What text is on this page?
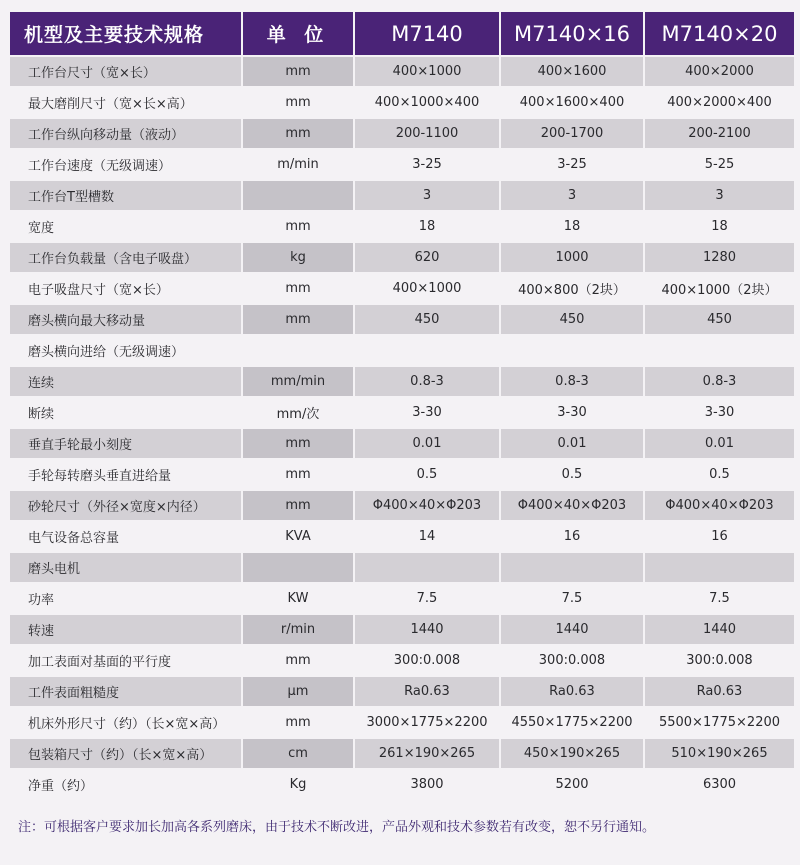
机型及主要技术规格	单 位	M7140	M7140×16	M7140×20
工作台尺寸（宽×长）	mm	400×1000	400×1600	400×2000
最大磨削尺寸（宽×长×高）	mm	400×1000×400	400×1600×400	400×2000×400
工作台纵向移动量（液动）	mm	200-1100	200-1700	200-2100
工作台速度（无级调速）	m/min	3-25	3-25	5-25
工作台T型槽数		3	3	3
宽度	mm	18	18	18
工作台负载量（含电子吸盘）	kg	620	1000	1280
电子吸盘尺寸（宽×长）	mm	400×1000	400×800（2块）	400×1000（2块）
磨头横向最大移动量	mm	450	450	450
磨头横向进给（无级调速）				
连续	mm/min	0.8-3	0.8-3	0.8-3
断续	mm/次	3-30	3-30	3-30
垂直手轮最小刻度	mm	0.01	0.01	0.01
手轮每转磨头垂直进给量	mm	0.5	0.5	0.5
砂轮尺寸（外径×宽度×内径）	mm	Φ400×40×Φ203	Φ400×40×Φ203	Φ400×40×Φ203
电气设备总容量	KVA	14	16	16
磨头电机				
功率	KW	7.5	7.5	7.5
转速	r/min	1440	1440	1440
加工表面对基面的平行度	mm	300:0.008	300:0.008	300:0.008
工件表面粗糙度	μm	Ra0.63	Ra0.63	Ra0.63
机床外形尺寸（约）（长×宽×高）	mm	3000×1775×2200	4550×1775×2200	5500×1775×2200
包装箱尺寸（约）（长×宽×高）	cm	261×190×265	450×190×265	510×190×265
净重（约）	Kg	3800	5200	6300
注：可根据客户要求加长加高各系列磨床，由于技术不断改进，产品外观和技术参数若有改变，恕不另行通知。
